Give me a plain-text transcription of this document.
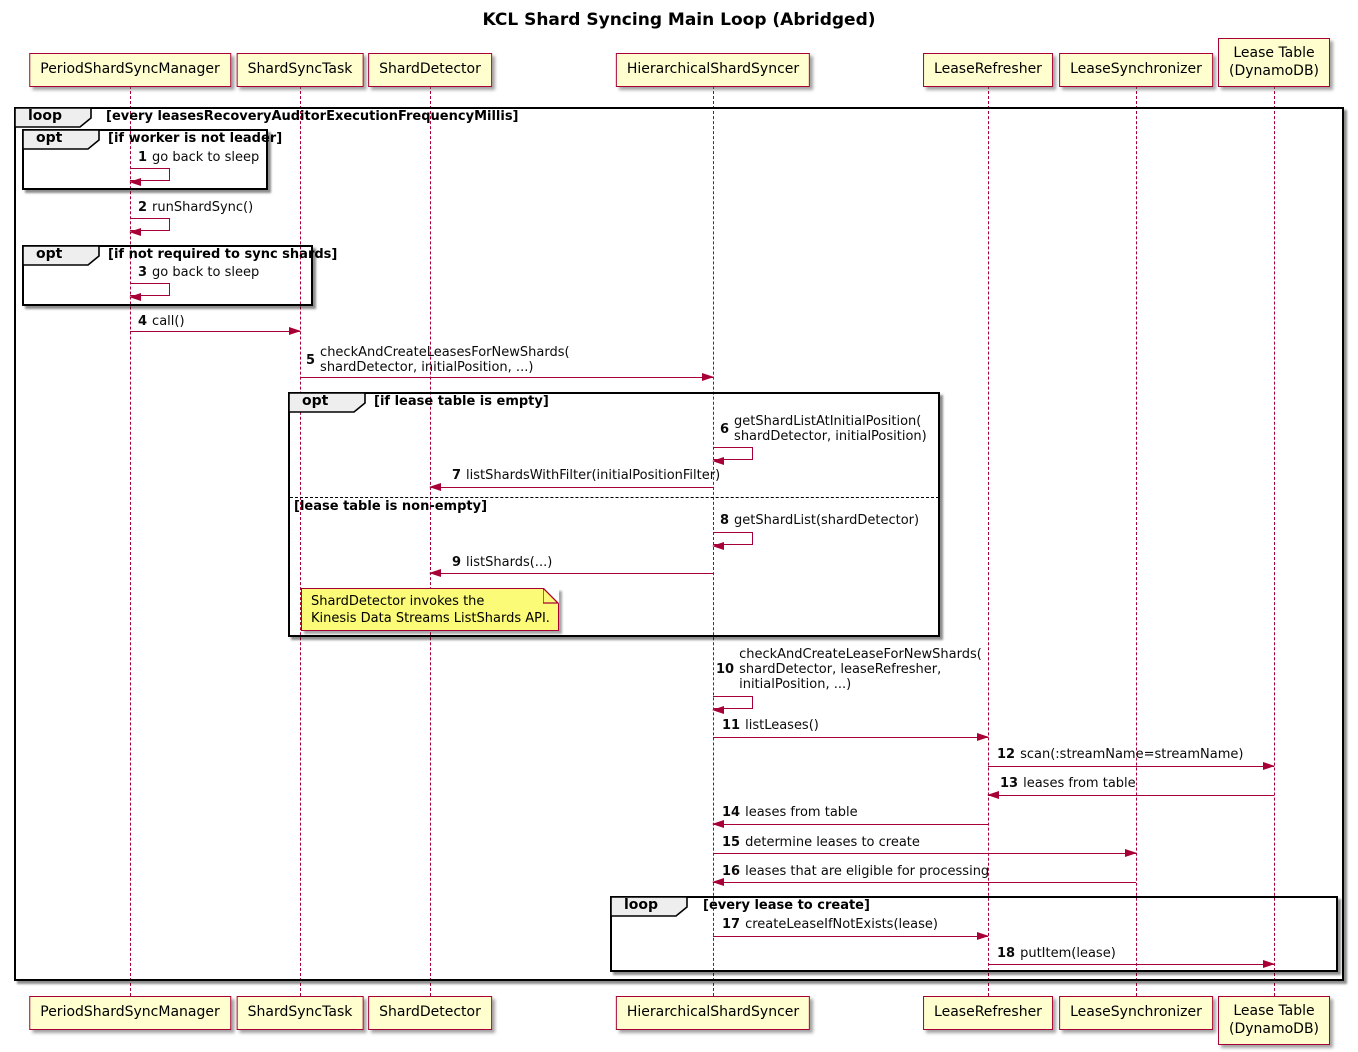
KCL Shard Syncing Main Loop (Abridged)
loop	[every leasesRecoveryAuditorExecutionFrequencyMillis]
opt	[if worker is not leader]
1 go back to sleep
2 runShardSync()
opt	[if not required to sync shards]
3 go back to sleep
4 call()
5 checkAndCreateLeasesForNewShards(
shardDetector, initialPosition, ...)
opt	[if lease table is empty]
6 getShardListAtInitialPosition(
shardDetector, initialPosition)
7 listShardsWithFilter(initialPositionFilter)
[lease table is non-empty]
8 getShardList(shardDetector)
9 listShards(...)
ShardDetector invokes the
Kinesis Data Streams ListShards API.
10
checkAndCreateLeaseForNewShards(
shardDetector, leaseRefresher,
initialPosition, ...)
11 listLeases()
12 scan(:streamName=streamName)
13 leases from table
14 leases from table
15 determine leases to create
16 leases that are eligible for processing
loop	[every lease to create]
17 createLeaseIfNotExists(lease)
18 putItem(lease)
PeriodShardSyncManager ShardSyncTask ShardDetector	HierarchicalShardSyncer	LeaseRefresher LeaseSynchronizer
Lease Table
(DynamoDB)
PeriodShardSyncManager ShardSyncTask ShardDetector	HierarchicalShardSyncer	LeaseRefresher LeaseSynchronizer Lease Table
(DynamoDB)
